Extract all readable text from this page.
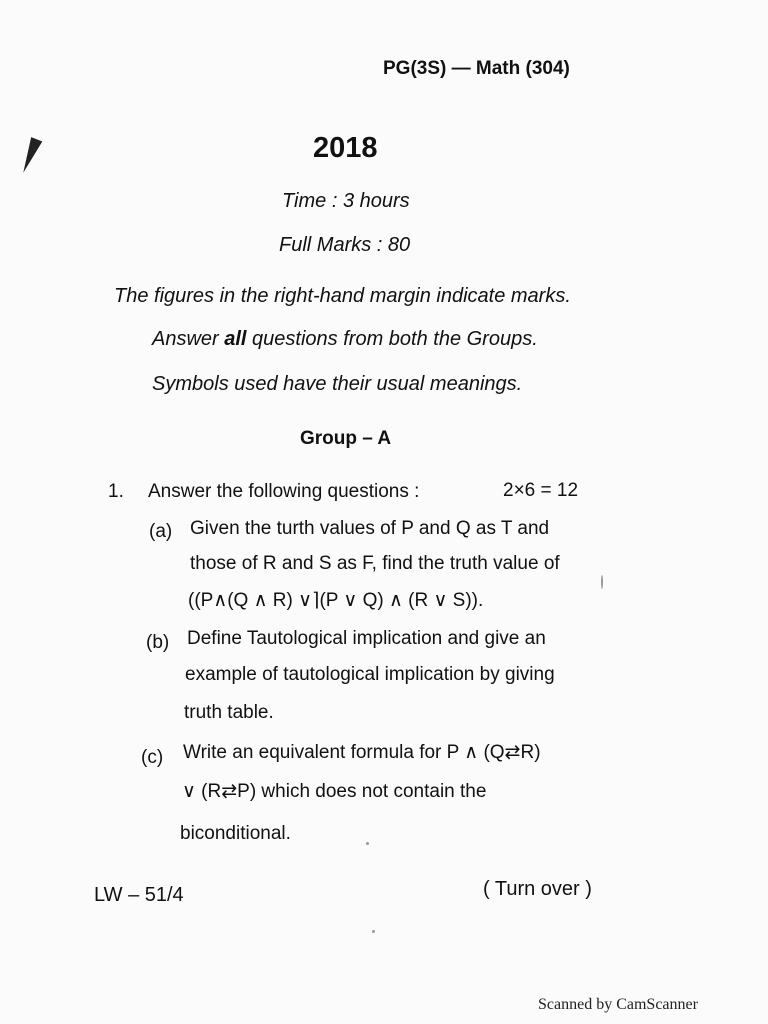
PG(3S) — Math (304)
2018
Time : 3 hours
Full Marks : 80
The figures in the right-hand margin indicate marks.
Answer all questions from both the Groups.
Symbols used have their usual meanings.
Group – A
1. Answer the following questions :	2×6 = 12
(a) Given the turth values of P and Q as T and
those of R and S as F, find the truth value of
((P∧(Q ∧ R) ∨⌉(P ∨ Q) ∧ (R ∨ S)).
(b) Define Tautological implication and give an
example of tautological implication by giving
truth table.
(c) Write an equivalent formula for P ∧ (Q⇄R)
∨ (R⇄P) which does not contain the
biconditional.
LW – 51/4	( Turn over )
Scanned by CamScanner
